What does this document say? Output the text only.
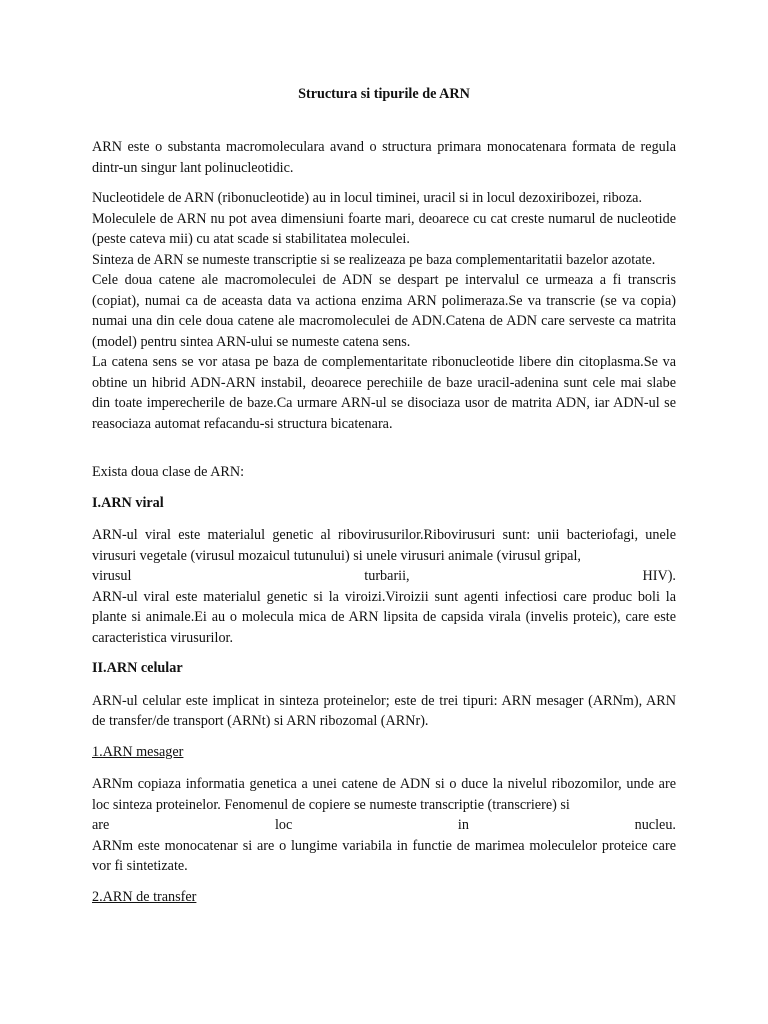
Structura si tipurile de ARN

ARN este o substanta macromoleculara avand o structura primara monocatenara formata de regula dintr-un singur lant polinucleotidic.

Nucleotidele de ARN (ribonucleotide) au in locul timinei, uracil si in locul dezoxiribozei, riboza.

Moleculele de ARN nu pot avea dimensiuni foarte mari, deoarece cu cat creste numarul de nucleotide (peste cateva mii) cu atat scade si stabilitatea moleculei.

Sinteza de ARN se numeste transcriptie si se realizeaza pe baza complementaritatii bazelor azotate.

Cele doua catene ale macromoleculei de ADN se despart pe intervalul ce urmeaza a fi transcris (copiat), numai ca de aceasta data va actiona enzima ARN polimeraza.Se va transcrie (se va copia) numai una din cele doua catene ale macromoleculei de ADN.Catena de ADN care serveste ca matrita (model) pentru sintea ARN-ului se numeste catena sens.

La catena sens se vor atasa pe baza de complementaritate ribonucleotide libere din citoplasma.Se va obtine un hibrid ADN-ARN instabil, deoarece perechiile de baze uracil-adenina sunt cele mai slabe din toate imperecherile de baze.Ca urmare ARN-ul se disociaza usor de matrita ADN, iar ADN-ul se reasociaza automat refacandu-si structura bicatenara.

Exista doua clase de ARN:

I.ARN viral

ARN-ul viral este materialul genetic al ribovirusurilor.Ribovirusuri sunt: unii bacteriofagi, unele virusuri vegetale (virusul mozaicul tutunului) si unele virusuri animale (virusul gripal,

virusul	turbarii,	HIV).

ARN-ul viral este materialul genetic si la viroizi.Viroizii sunt agenti infectiosi care produc boli la plante si animale.Ei au o molecula mica de ARN lipsita de capsida virala (invelis proteic), care este caracteristica virusurilor.

II.ARN celular

ARN-ul celular este implicat in sinteza proteinelor; este de trei tipuri: ARN mesager (ARNm), ARN de transfer/de transport (ARNt) si ARN ribozomal (ARNr).

1.ARN mesager

ARNm copiaza informatia genetica a unei catene de ADN si o duce la nivelul ribozomilor, unde are loc sinteza proteinelor. Fenomenul de copiere se numeste transcriptie (transcriere) si

are	loc	in	nucleu.

ARNm este monocatenar si are o lungime variabila in functie de marimea moleculelor proteice care vor fi sintetizate.

2.ARN de transfer
